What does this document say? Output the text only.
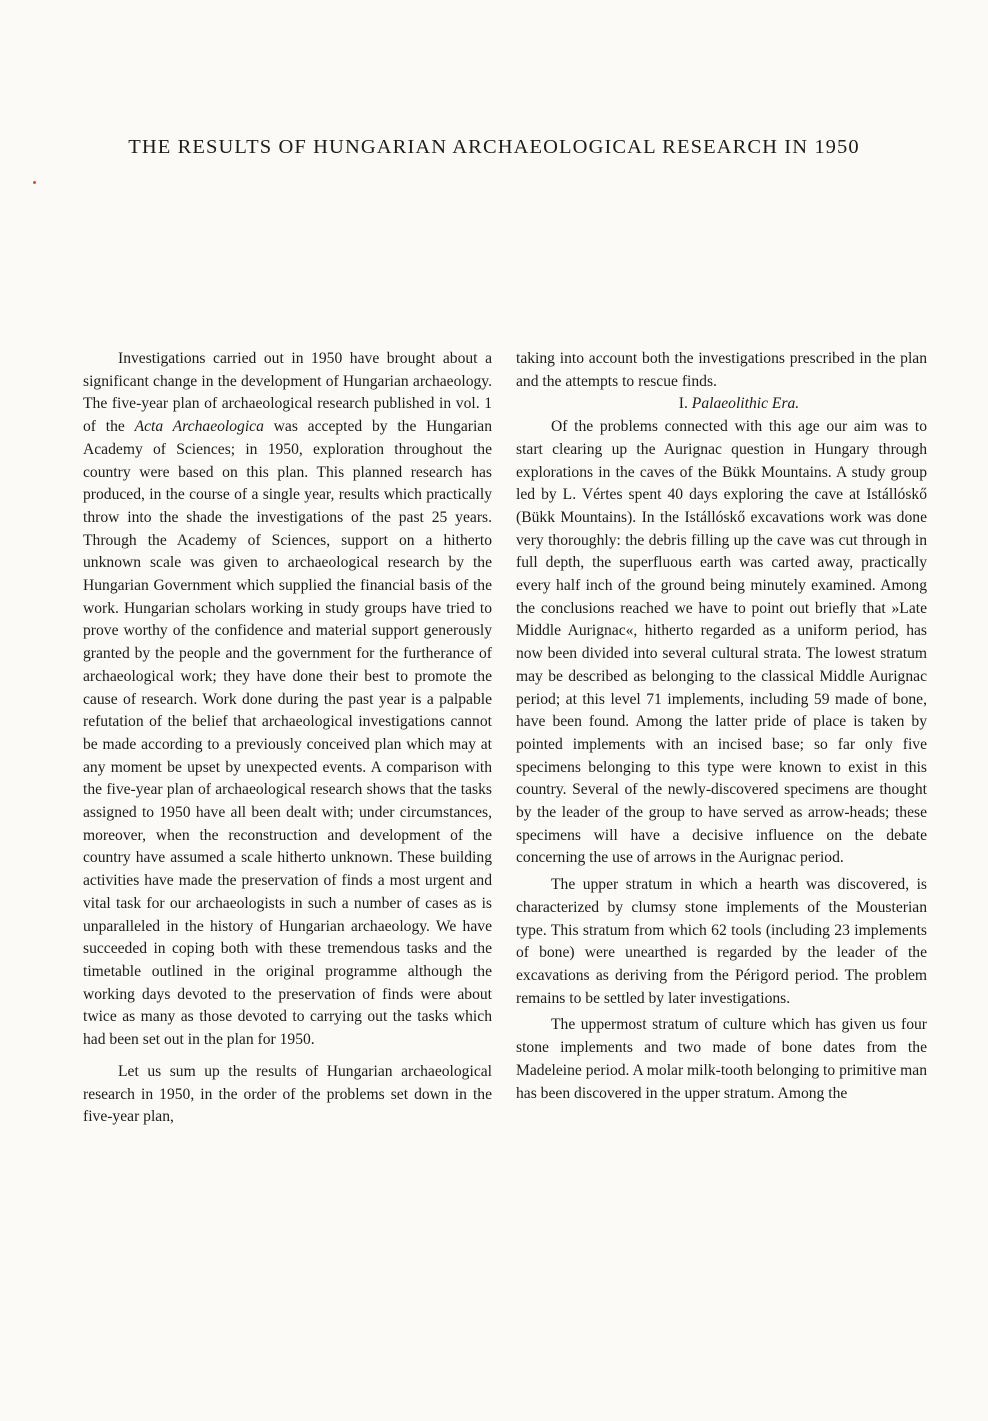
THE RESULTS OF HUNGARIAN ARCHAEOLOGICAL RESEARCH IN 1950

Investigations carried out in 1950 have brought about a significant change in the development of Hungarian archaeology. The five-year plan of archaeological research published in vol. 1 of the Acta Archaeologica was accepted by the Hungarian Academy of Sciences; in 1950, exploration throughout the country were based on this plan. This planned research has produced, in the course of a single year, results which practically throw into the shade the investigations of the past 25 years. Through the Academy of Sciences, support on a hitherto unknown scale was given to archaeological research by the Hungarian Government which supplied the financial basis of the work. Hungarian scholars working in study groups have tried to prove worthy of the confidence and material support generously granted by the people and the government for the furtherance of archaeological work; they have done their best to promote the cause of research. Work done during the past year is a palpable refutation of the belief that archaeological investigations cannot be made according to a previously conceived plan which may at any moment be upset by unexpected events. A comparison with the five-year plan of archaeological research shows that the tasks assigned to 1950 have all been dealt with; under circumstances, moreover, when the reconstruction and development of the country have assumed a scale hitherto unknown. These building activities have made the preservation of finds a most urgent and vital task for our archaeologists in such a number of cases as is unparalleled in the history of Hungarian archaeology. We have succeeded in coping both with these tremendous tasks and the timetable outlined in the original programme although the working days devoted to the preservation of finds were about twice as many as those devoted to carrying out the tasks which had been set out in the plan for 1950.

Let us sum up the results of Hungarian archaeological research in 1950, in the order of the problems set down in the five-year plan,

taking into account both the investigations prescribed in the plan and the attempts to rescue finds.

I. Palaeolithic Era.

Of the problems connected with this age our aim was to start clearing up the Aurignac question in Hungary through explorations in the caves of the Bükk Mountains. A study group led by L. Vértes spent 40 days exploring the cave at Istállóskő (Bükk Mountains). In the Istállóskő excavations work was done very thoroughly: the debris filling up the cave was cut through in full depth, the superfluous earth was carted away, practically every half inch of the ground being minutely examined. Among the conclusions reached we have to point out briefly that »Late Middle Aurignac«, hitherto regarded as a uniform period, has now been divided into several cultural strata. The lowest stratum may be described as belonging to the classical Middle Aurignac period; at this level 71 implements, including 59 made of bone, have been found. Among the latter pride of place is taken by pointed implements with an incised base; so far only five specimens belonging to this type were known to exist in this country. Several of the newly-discovered specimens are thought by the leader of the group to have served as arrow-heads; these specimens will have a decisive influence on the debate concerning the use of arrows in the Aurignac period.

The upper stratum in which a hearth was discovered, is characterized by clumsy stone implements of the Mousterian type. This stratum from which 62 tools (including 23 implements of bone) were unearthed is regarded by the leader of the excavations as deriving from the Périgord period. The problem remains to be settled by later investigations.

The uppermost stratum of culture which has given us four stone implements and two made of bone dates from the Madeleine period. A molar milk-tooth belonging to primitive man has been discovered in the upper stratum. Among the
